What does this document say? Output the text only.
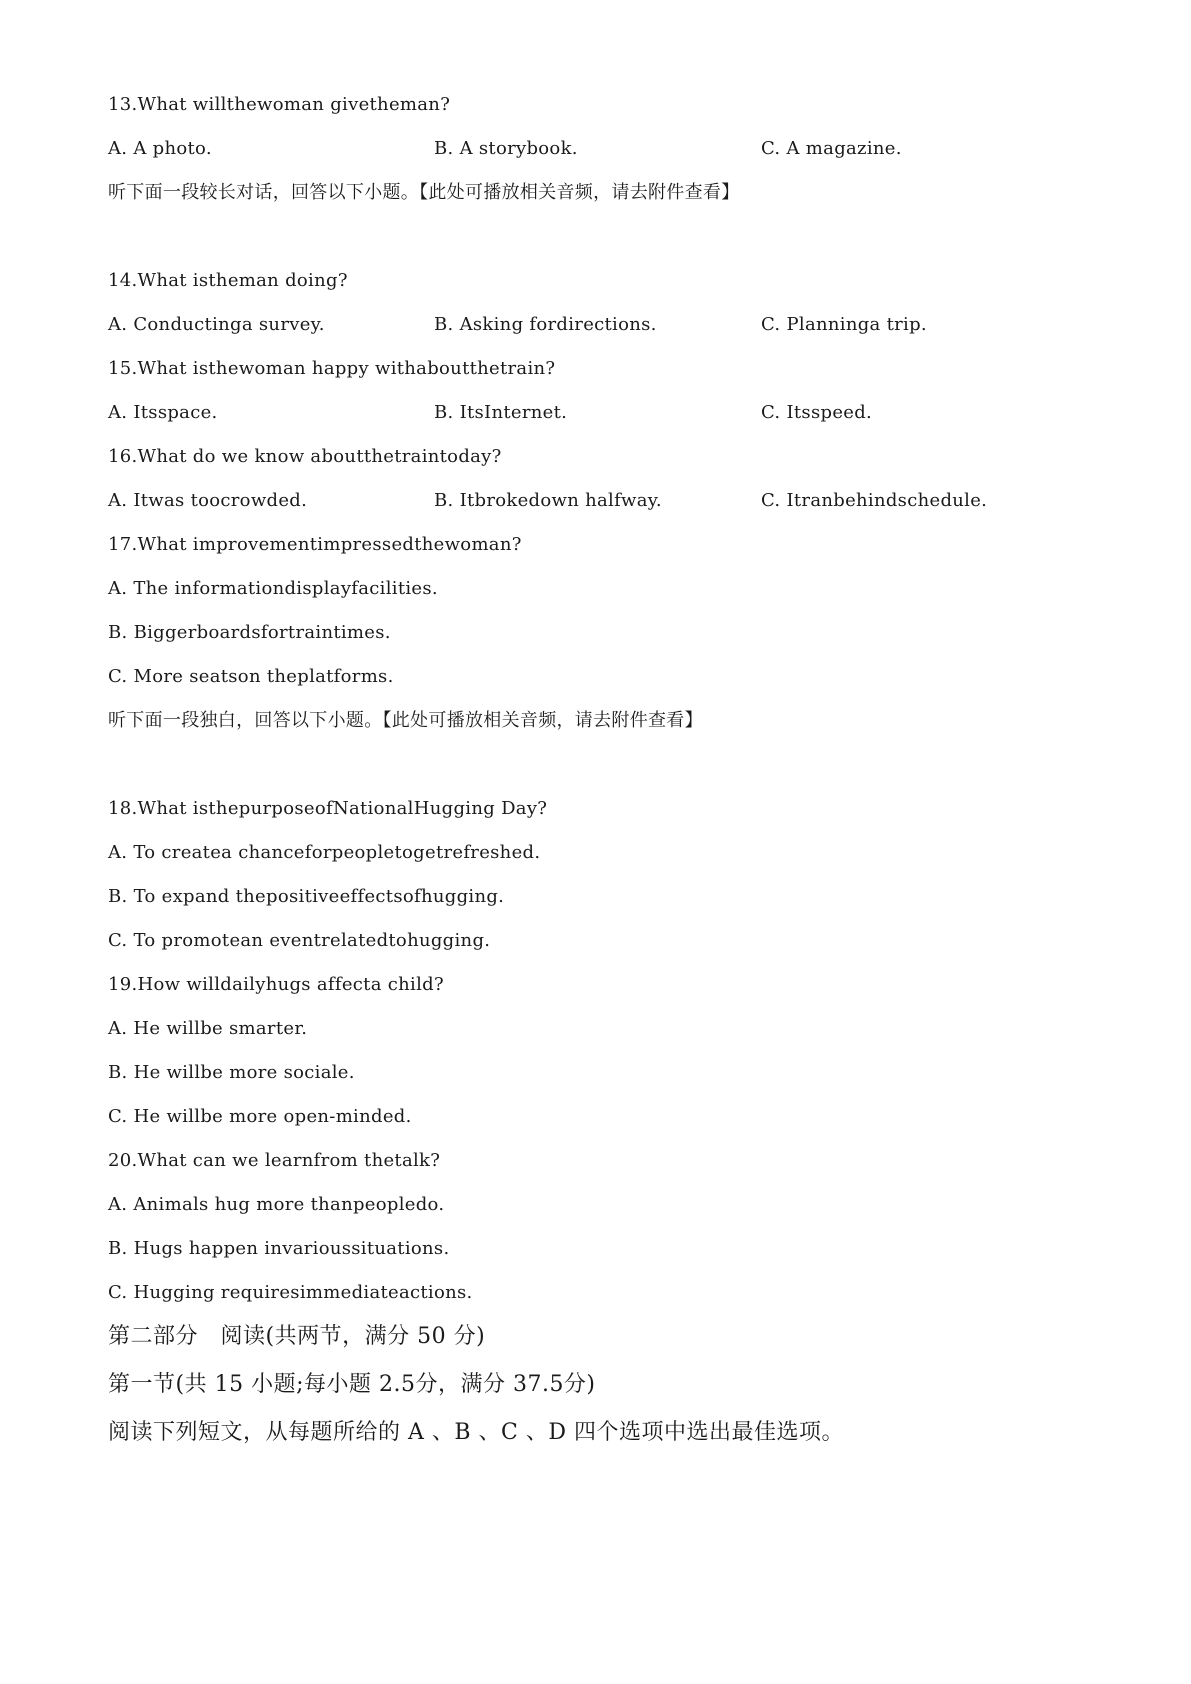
13.What willthewoman givetheman?

A. A photo.	B. A storybook.	C. A magazine.

听下面一段较长对话，回答以下小题。【此处可播放相关音频，请去附件查看】

14.What istheman doing?

A. Conductinga survey.	B. Asking fordirections.	C. Planninga trip.

15.What isthewoman happy withaboutthetrain?

A. Itsspace.	B. ItsInternet.	C. Itsspeed.

16.What do we know aboutthetraintoday?

A. Itwas toocrowded.	B. Itbrokedown halfway.	C. Itranbehindschedule.

17.What improvementimpressedthewoman?

A. The informationdisplayfacilities.

B. Biggerboardsfortraintimes.

C. More seatson theplatforms.

听下面一段独白，回答以下小题。【此处可播放相关音频，请去附件查看】

18.What isthepurposeofNationalHugging Day?

A. To createa chanceforpeopletogetrefreshed.

B. To expand thepositiveeffectsofhugging.

C. To promotean eventrelatedtohugging.

19.How willdailyhugs affecta child?

A. He willbe smarter.

B. He willbe more sociale.

C. He willbe more open-minded.

20.What can we learnfrom thetalk?

A. Animals hug more thanpeopledo.

B. Hugs happen invarioussituations.

C. Hugging requiresimmediateactions.

第二部分　阅读(共两节，满分 50 分)

第一节(共 15 小题;每小题 2.5分，满分 37.5分)

阅读下列短文，从每题所给的 A 、B 、C 、D 四个选项中选出最佳选项。
